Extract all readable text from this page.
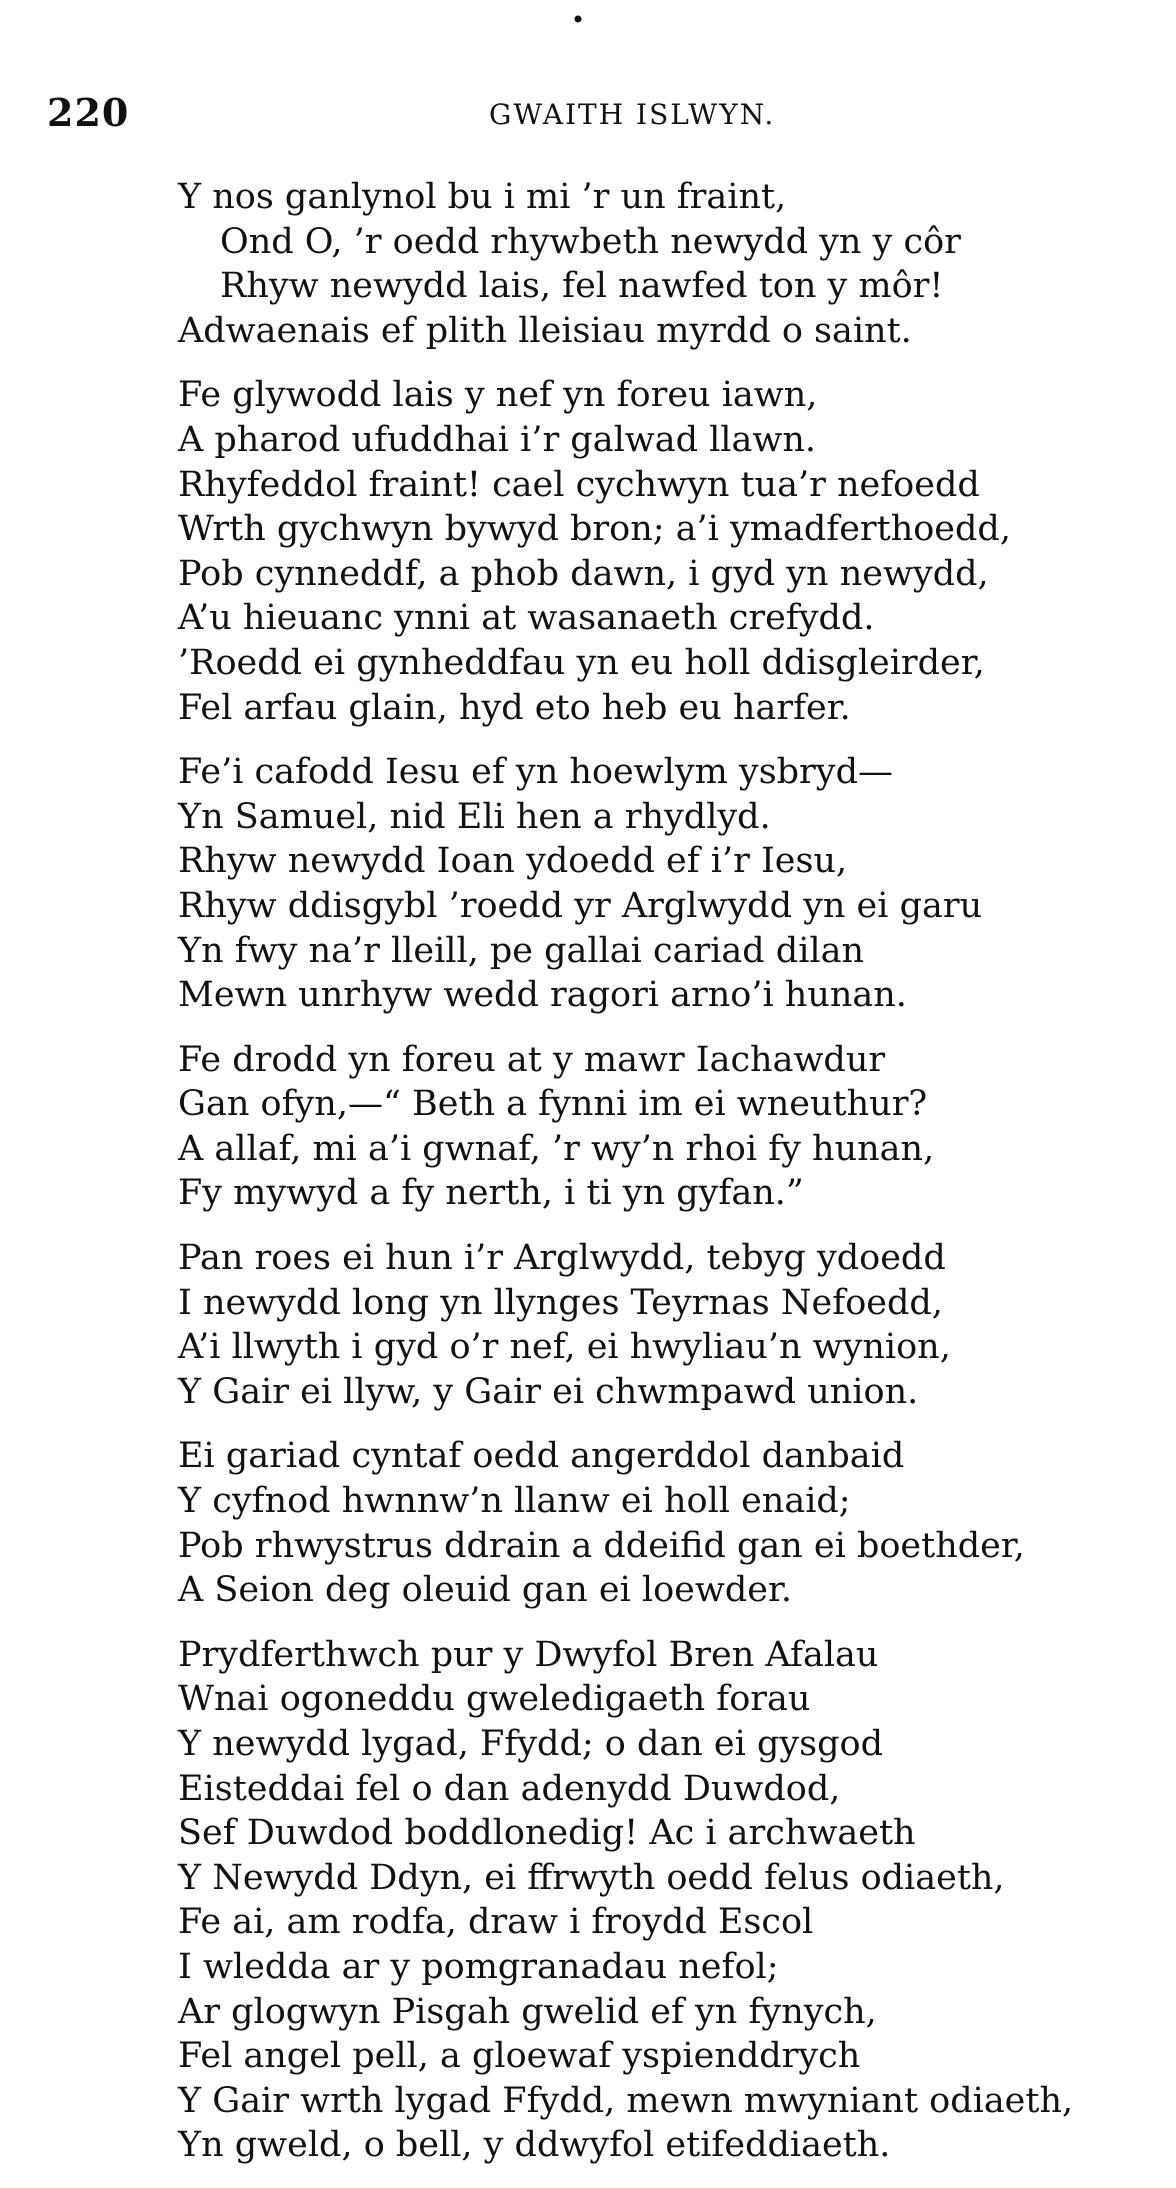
220	GWAITH ISLWYN.
Y nos ganlynol bu i mi ’r un fraint,
Ond O, ’r oedd rhywbeth newydd yn y côr
Rhyw newydd lais, fel nawfed ton y môr!
Adwaenais ef plith lleisiau myrdd o saint.
Fe glywodd lais y nef yn foreu iawn,
A pharod ufuddhai i’r galwad llawn.
Rhyfeddol fraint! cael cychwyn tua’r nefoedd
Wrth gychwyn bywyd bron; a’i ymadferthoedd,
Pob cynneddf, a phob dawn, i gyd yn newydd,
A’u hieuanc ynni at wasanaeth crefydd.
’Roedd ei gynheddfau yn eu holl ddisgleirder,
Fel arfau glain, hyd eto heb eu harfer.
Fe’i cafodd Iesu ef yn hoewlym ysbryd—
Yn Samuel, nid Eli hen a rhydlyd.
Rhyw newydd Ioan ydoedd ef i’r Iesu,
Rhyw ddisgybl ’roedd yr Arglwydd yn ei garu
Yn fwy na’r lleill, pe gallai cariad dilan
Mewn unrhyw wedd ragori arno’i hunan.
Fe drodd yn foreu at y mawr Iachawdur
Gan ofyn,—“ Beth a fynni im ei wneuthur?
A allaf, mi a’i gwnaf, ’r wy’n rhoi fy hunan,
Fy mywyd a fy nerth, i ti yn gyfan.”
Pan roes ei hun i’r Arglwydd, tebyg ydoedd
I newydd long yn llynges Teyrnas Nefoedd,
A’i llwyth i gyd o’r nef, ei hwyliau’n wynion,
Y Gair ei llyw, y Gair ei chwmpawd union.
Ei gariad cyntaf oedd angerddol danbaid
Y cyfnod hwnnw’n llanw ei holl enaid;
Pob rhwystrus ddrain a ddeifid gan ei boethder,
A Seion deg oleuid gan ei loewder.
Prydferthwch pur y Dwyfol Bren Afalau
Wnai ogoneddu gweledigaeth forau
Y newydd lygad, Ffydd; o dan ei gysgod
Eisteddai fel o dan adenydd Duwdod,
Sef Duwdod boddlonedig! Ac i archwaeth
Y Newydd Ddyn, ei ffrwyth oedd felus odiaeth,
Fe ai, am rodfa, draw i froydd Escol
I wledda ar y pomgranadau nefol;
Ar glogwyn Pisgah gwelid ef yn fynych,
Fel angel pell, a gloewaf yspienddrych
Y Gair wrth lygad Ffydd, mewn mwyniant odiaeth,
Yn gweld, o bell, y ddwyfol etifeddiaeth.
